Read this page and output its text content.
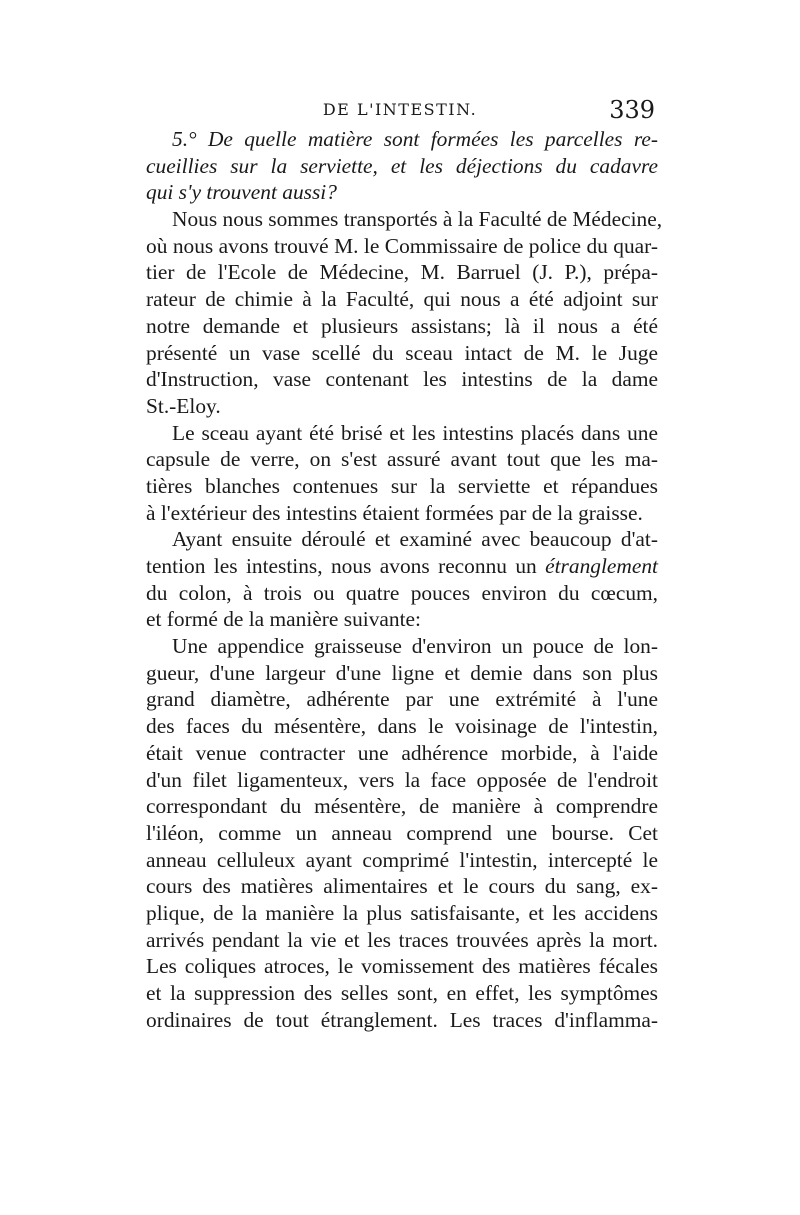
DE L'INTESTIN.	339
5.° De quelle matière sont formées les parcelles re-
cueillies sur la serviette, et les déjections du cadavre
qui s'y trouvent aussi?
Nous nous sommes transportés à la Faculté de Médecine,
où nous avons trouvé M. le Commissaire de police du quar-
tier de l'Ecole de Médecine, M. Barruel (J. P.), prépa-
rateur de chimie à la Faculté, qui nous a été adjoint sur
notre demande et plusieurs assistans; là il nous a été
présenté un vase scellé du sceau intact de M. le Juge
d'Instruction, vase contenant les intestins de la dame
St.-Eloy.
Le sceau ayant été brisé et les intestins placés dans une
capsule de verre, on s'est assuré avant tout que les ma-
tières blanches contenues sur la serviette et répandues
à l'extérieur des intestins étaient formées par de la graisse.
Ayant ensuite déroulé et examiné avec beaucoup d'at-
tention les intestins, nous avons reconnu un étranglement
du colon, à trois ou quatre pouces environ du cœcum,
et formé de la manière suivante:
Une appendice graisseuse d'environ un pouce de lon-
gueur, d'une largeur d'une ligne et demie dans son plus
grand diamètre, adhérente par une extrémité à l'une
des faces du mésentère, dans le voisinage de l'intestin,
était venue contracter une adhérence morbide, à l'aide
d'un filet ligamenteux, vers la face opposée de l'endroit
correspondant du mésentère, de manière à comprendre
l'iléon, comme un anneau comprend une bourse. Cet
anneau celluleux ayant comprimé l'intestin, intercepté le
cours des matières alimentaires et le cours du sang, ex-
plique, de la manière la plus satisfaisante, et les accidens
arrivés pendant la vie et les traces trouvées après la mort.
Les coliques atroces, le vomissement des matières fécales
et la suppression des selles sont, en effet, les symptômes
ordinaires de tout étranglement. Les traces d'inflamma-
